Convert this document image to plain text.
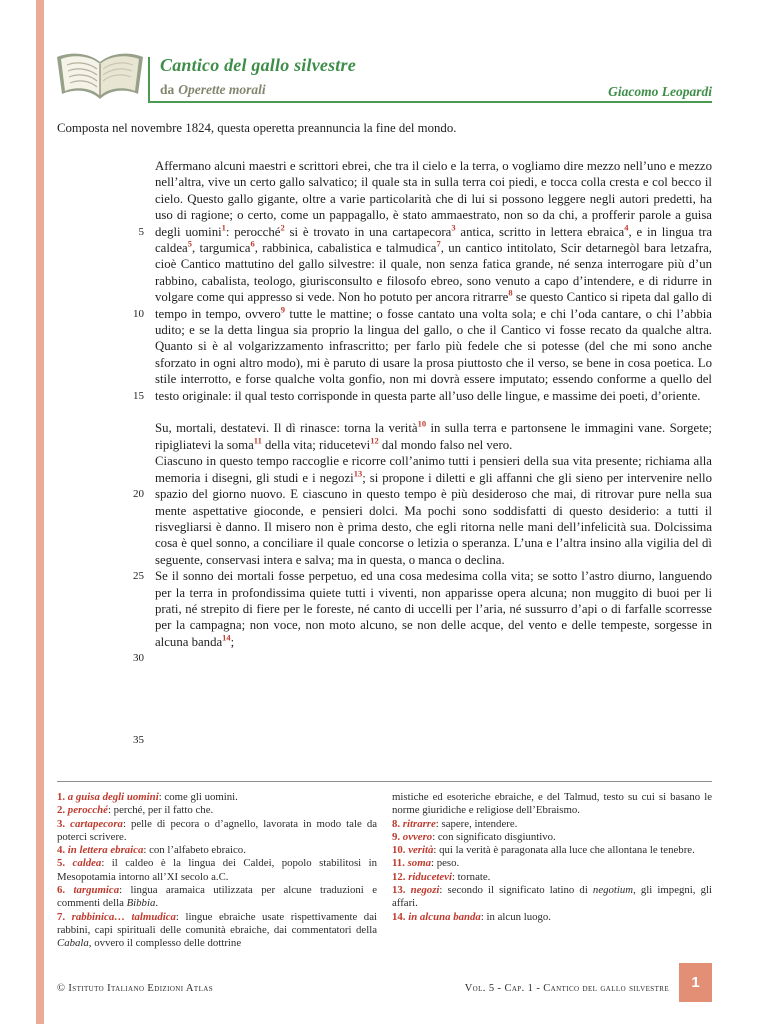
Cantico del gallo silvestre
da Operette morali	Giacomo Leopardi
Composta nel novembre 1824, questa operetta preannuncia la fine del mondo.
5
10
15
20
25
30
35

Affermano alcuni maestri e scrittori ebrei, che tra il cielo e la terra, o vogliamo dire mezzo nell’uno e mezzo nell’altra, vive un certo gallo salvatico; il quale sta in sulla terra coi piedi, e tocca colla cresta e col becco il cielo. Questo gallo gigante, oltre a varie particolarità che di lui si possono leggere negli autori predetti, ha uso di ragione; o certo, come un pappagallo, è stato ammaestrato, non so da chi, a profferir parole a guisa degli uomini$^1$: perocché$^2$ si è trovato in una cartapecora$^3$ antica, scritto in lettera ebraica$^4$, e in lingua tra caldea$^5$, targumica$^6$, rabbinica, cabalistica e talmudica$^7$, un cantico intitolato, Scir detarnegòl bara letzafra, cioè Cantico mattutino del gallo silvestre: il quale, non senza fatica grande, né senza interrogare più d’un rabbino, cabalista, teologo, giurisconsulto e filosofo ebreo, sono venuto a capo d’intendere, e di ridurre in volgare come qui appresso si vede. Non ho potuto per ancora ritrarre$^8$ se questo Cantico si ripeta dal gallo di tempo in tempo, ovvero$^9$ tutte le mattine; o fosse cantato una volta sola; e chi l’oda cantare, o chi l’abbia udito; e se la detta lingua sia proprio la lingua del gallo, o che il Cantico vi fosse recato da qualche altra. Quanto si è al volgarizzamento infrascritto; per farlo più fedele che si potesse (del che mi sono anche sforzato in ogni altro modo), mi è paruto di usare la prosa piuttosto che il verso, se bene in cosa poetica. Lo stile interrotto, e forse qualche volta gonfio, non mi dovrà essere imputato; essendo conforme a quello del testo originale: il qual testo corrisponde in questa parte all’uso delle lingue, e massime dei poeti, d’oriente.

Su, mortali, destatevi. Il dì rinasce: torna la verità$^{10}$ in sulla terra e partonsene le immagini vane. Sorgete; ripigliatevi la soma$^{11}$ della vita; riducetevi$^{12}$ dal mondo falso nel vero.

Ciascuno in questo tempo raccoglie e ricorre coll’animo tutti i pensieri della sua vita presente; richiama alla memoria i disegni, gli studi e i negozi$^{13}$; si propone i diletti e gli affanni che gli sieno per intervenire nello spazio del giorno nuovo. E ciascuno in questo tempo è più desideroso che mai, di ritrovar pure nella sua mente aspettative gioconde, e pensieri dolci. Ma pochi sono soddisfatti di questo desiderio: a tutti il risvegliarsi è danno. Il misero non è prima desto, che egli ritorna nelle mani dell’infelicità sua. Dolcissima cosa è quel sonno, a conciliare il quale concorse o letizia o speranza. L’una e l’altra insino alla vigilia del dì seguente, conservasi intera e salva; ma in questa, o manca o declina.

Se il sonno dei mortali fosse perpetuo, ed una cosa medesima colla vita; se sotto l’astro diurno, languendo per la terra in profondissima quiete tutti i viventi, non apparisse opera alcuna; non muggito di buoi per li prati, né strepito di fiere per le foreste, né canto di uccelli per l’aria, né sussurro d’api o di farfalle scorresse per la campagna; non voce, non moto alcuno, se non delle acque, del vento e delle tempeste, sorgesse in alcuna banda$^{14}$;

1. a guisa degli uomini: come gli uomini.
2. perocché: perché, per il fatto che.
3. cartapecora: pelle di pecora o d’agnello, lavorata in modo tale da poterci scrivere.
4. in lettera ebraica: con l’alfabeto ebraico.
5. caldea: il caldeo è la lingua dei Caldei, popolo stabilitosi in Mesopotamia intorno all’XI secolo a.C.
6. targumica: lingua aramaica utilizzata per alcune traduzioni e commenti della Bibbia.
7. rabbinica… talmudica: lingue ebraiche usate rispettivamente dai rabbini, capi spirituali delle comunità ebraiche, dai commentatori della Cabala, ovvero il complesso delle dottrine
mistiche ed esoteriche ebraiche, e del Talmud, testo su cui si basano le norme giuridiche e religiose dell’Ebraismo.
8. ritrarre: sapere, intendere.
9. ovvero: con significato disgiuntivo.
10. verità: qui la verità è paragonata alla luce che allontana le tenebre.
11. soma: peso.
12. riducetevi: tornate.
13. negozi: secondo il significato latino di negotium, gli impegni, gli affari.
14. in alcuna banda: in alcun luogo.
© Istituto Italiano Edizioni Atlas	Vol. 5 - Cap. 1 - Cantico del gallo silvestre 1
